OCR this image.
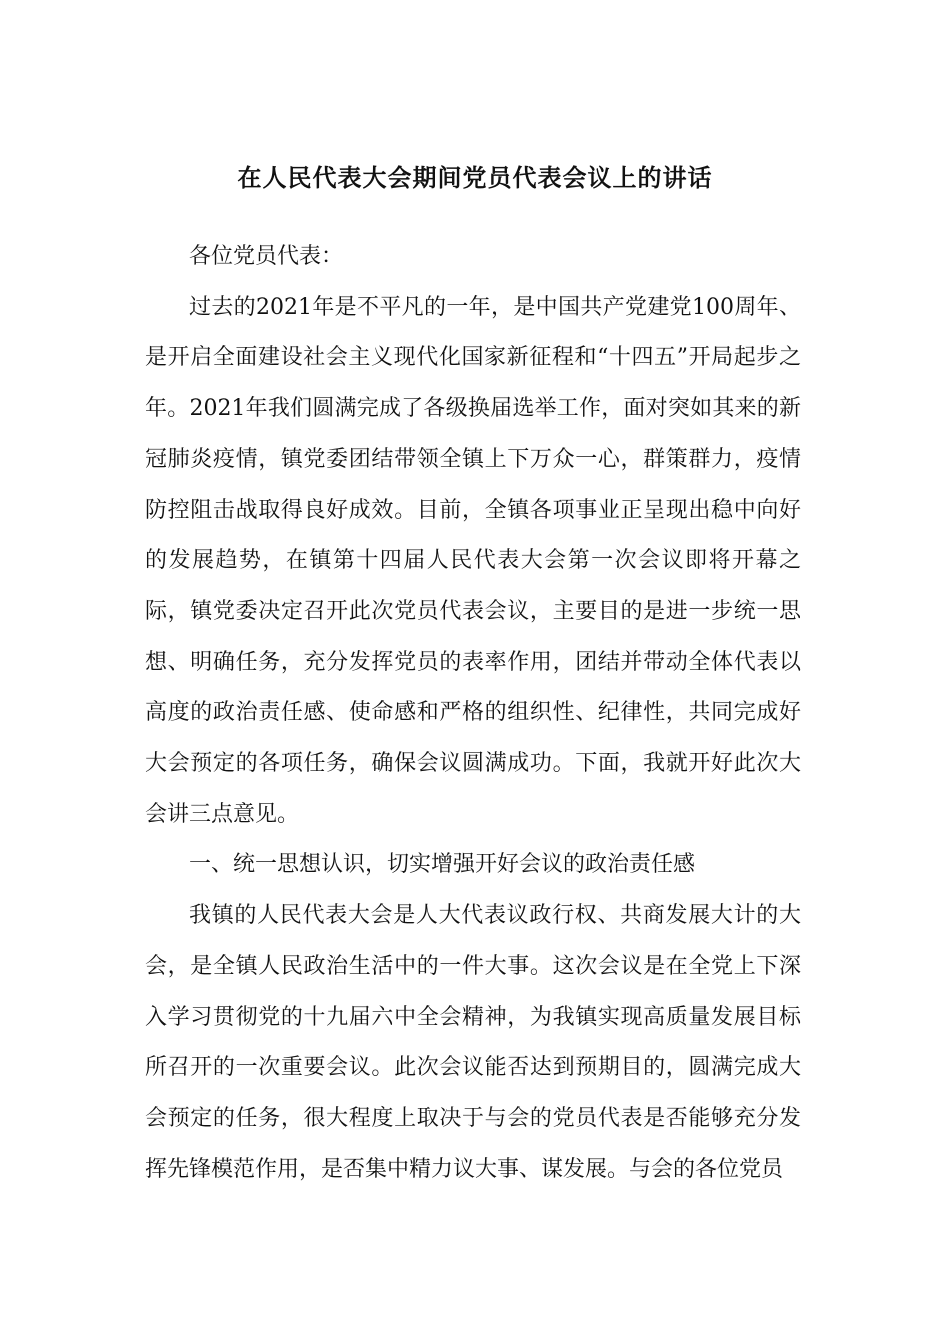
在人民代表大会期间党员代表会议上的讲话

各位党员代表：

过去的2021年是不平凡的一年，是中国共产党建党100周年、是开启全面建设社会主义现代化国家新征程和“十四五”开局起步之年。2021年我们圆满完成了各级换届选举工作，面对突如其来的新冠肺炎疫情，镇党委团结带领全镇上下万众一心，群策群力，疫情防控阻击战取得良好成效。目前，全镇各项事业正呈现出稳中向好的发展趋势，在镇第十四届人民代表大会第一次会议即将开幕之际，镇党委决定召开此次党员代表会议，主要目的是进一步统一思想、明确任务，充分发挥党员的表率作用，团结并带动全体代表以高度的政治责任感、使命感和严格的组织性、纪律性，共同完成好大会预定的各项任务，确保会议圆满成功。下面，我就开好此次大会讲三点意见。

一、统一思想认识，切实增强开好会议的政治责任感

我镇的人民代表大会是人大代表议政行权、共商发展大计的大会，是全镇人民政治生活中的一件大事。这次会议是在全党上下深入学习贯彻党的十九届六中全会精神，为我镇实现高质量发展目标所召开的一次重要会议。此次会议能否达到预期目的，圆满完成大会预定的任务，很大程度上取决于与会的党员代表是否能够充分发挥先锋模范作用，是否集中精力议大事、谋发展。与会的各位党员
